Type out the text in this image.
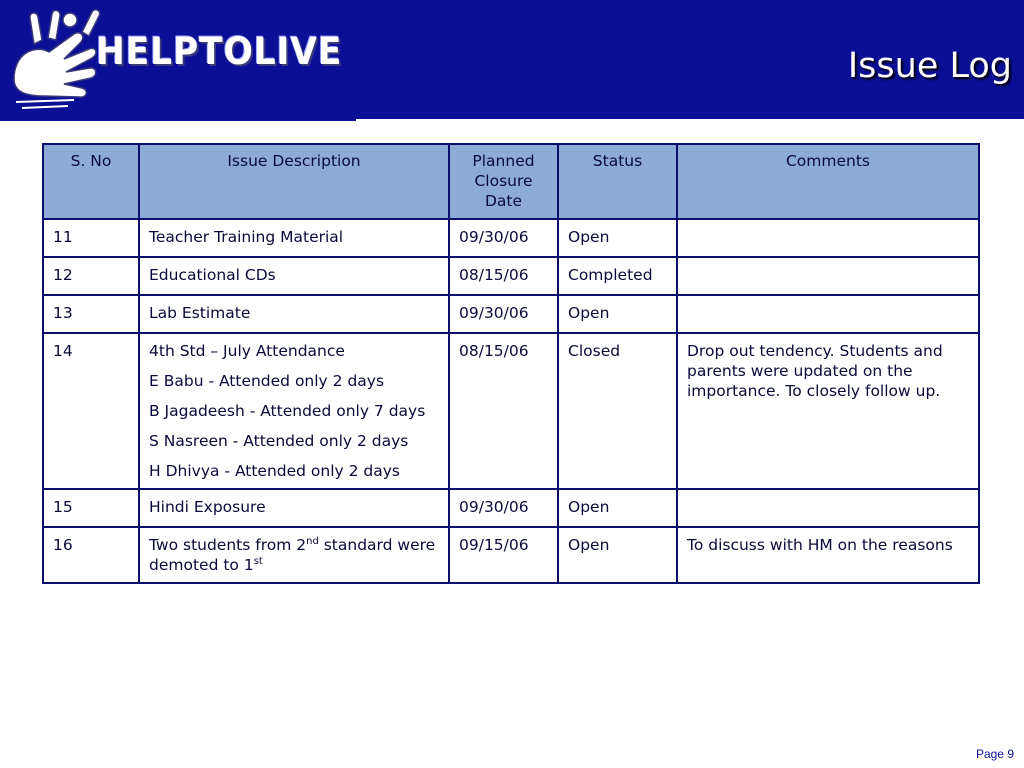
HELPTOLIVE	Issue Log
S. No	Issue Description	Planned Closure Date	Status	Comments
11	Teacher Training Material	09/30/06	Open	
12	Educational CDs	08/15/06	Completed	
13	Lab Estimate	09/30/06	Open	
14	4th Std – July Attendance
E Babu - Attended only 2 days
B Jagadeesh - Attended only 7 days
S Nasreen - Attended only 2 days
H Dhivya - Attended only 2 days	08/15/06	Closed	Drop out tendency. Students and parents were updated on the importance. To closely follow up.
15	Hindi Exposure	09/30/06	Open	
16	Two students from 2nd standard were demoted to 1st	09/15/06	Open	To discuss with HM on the reasons
Page 9
